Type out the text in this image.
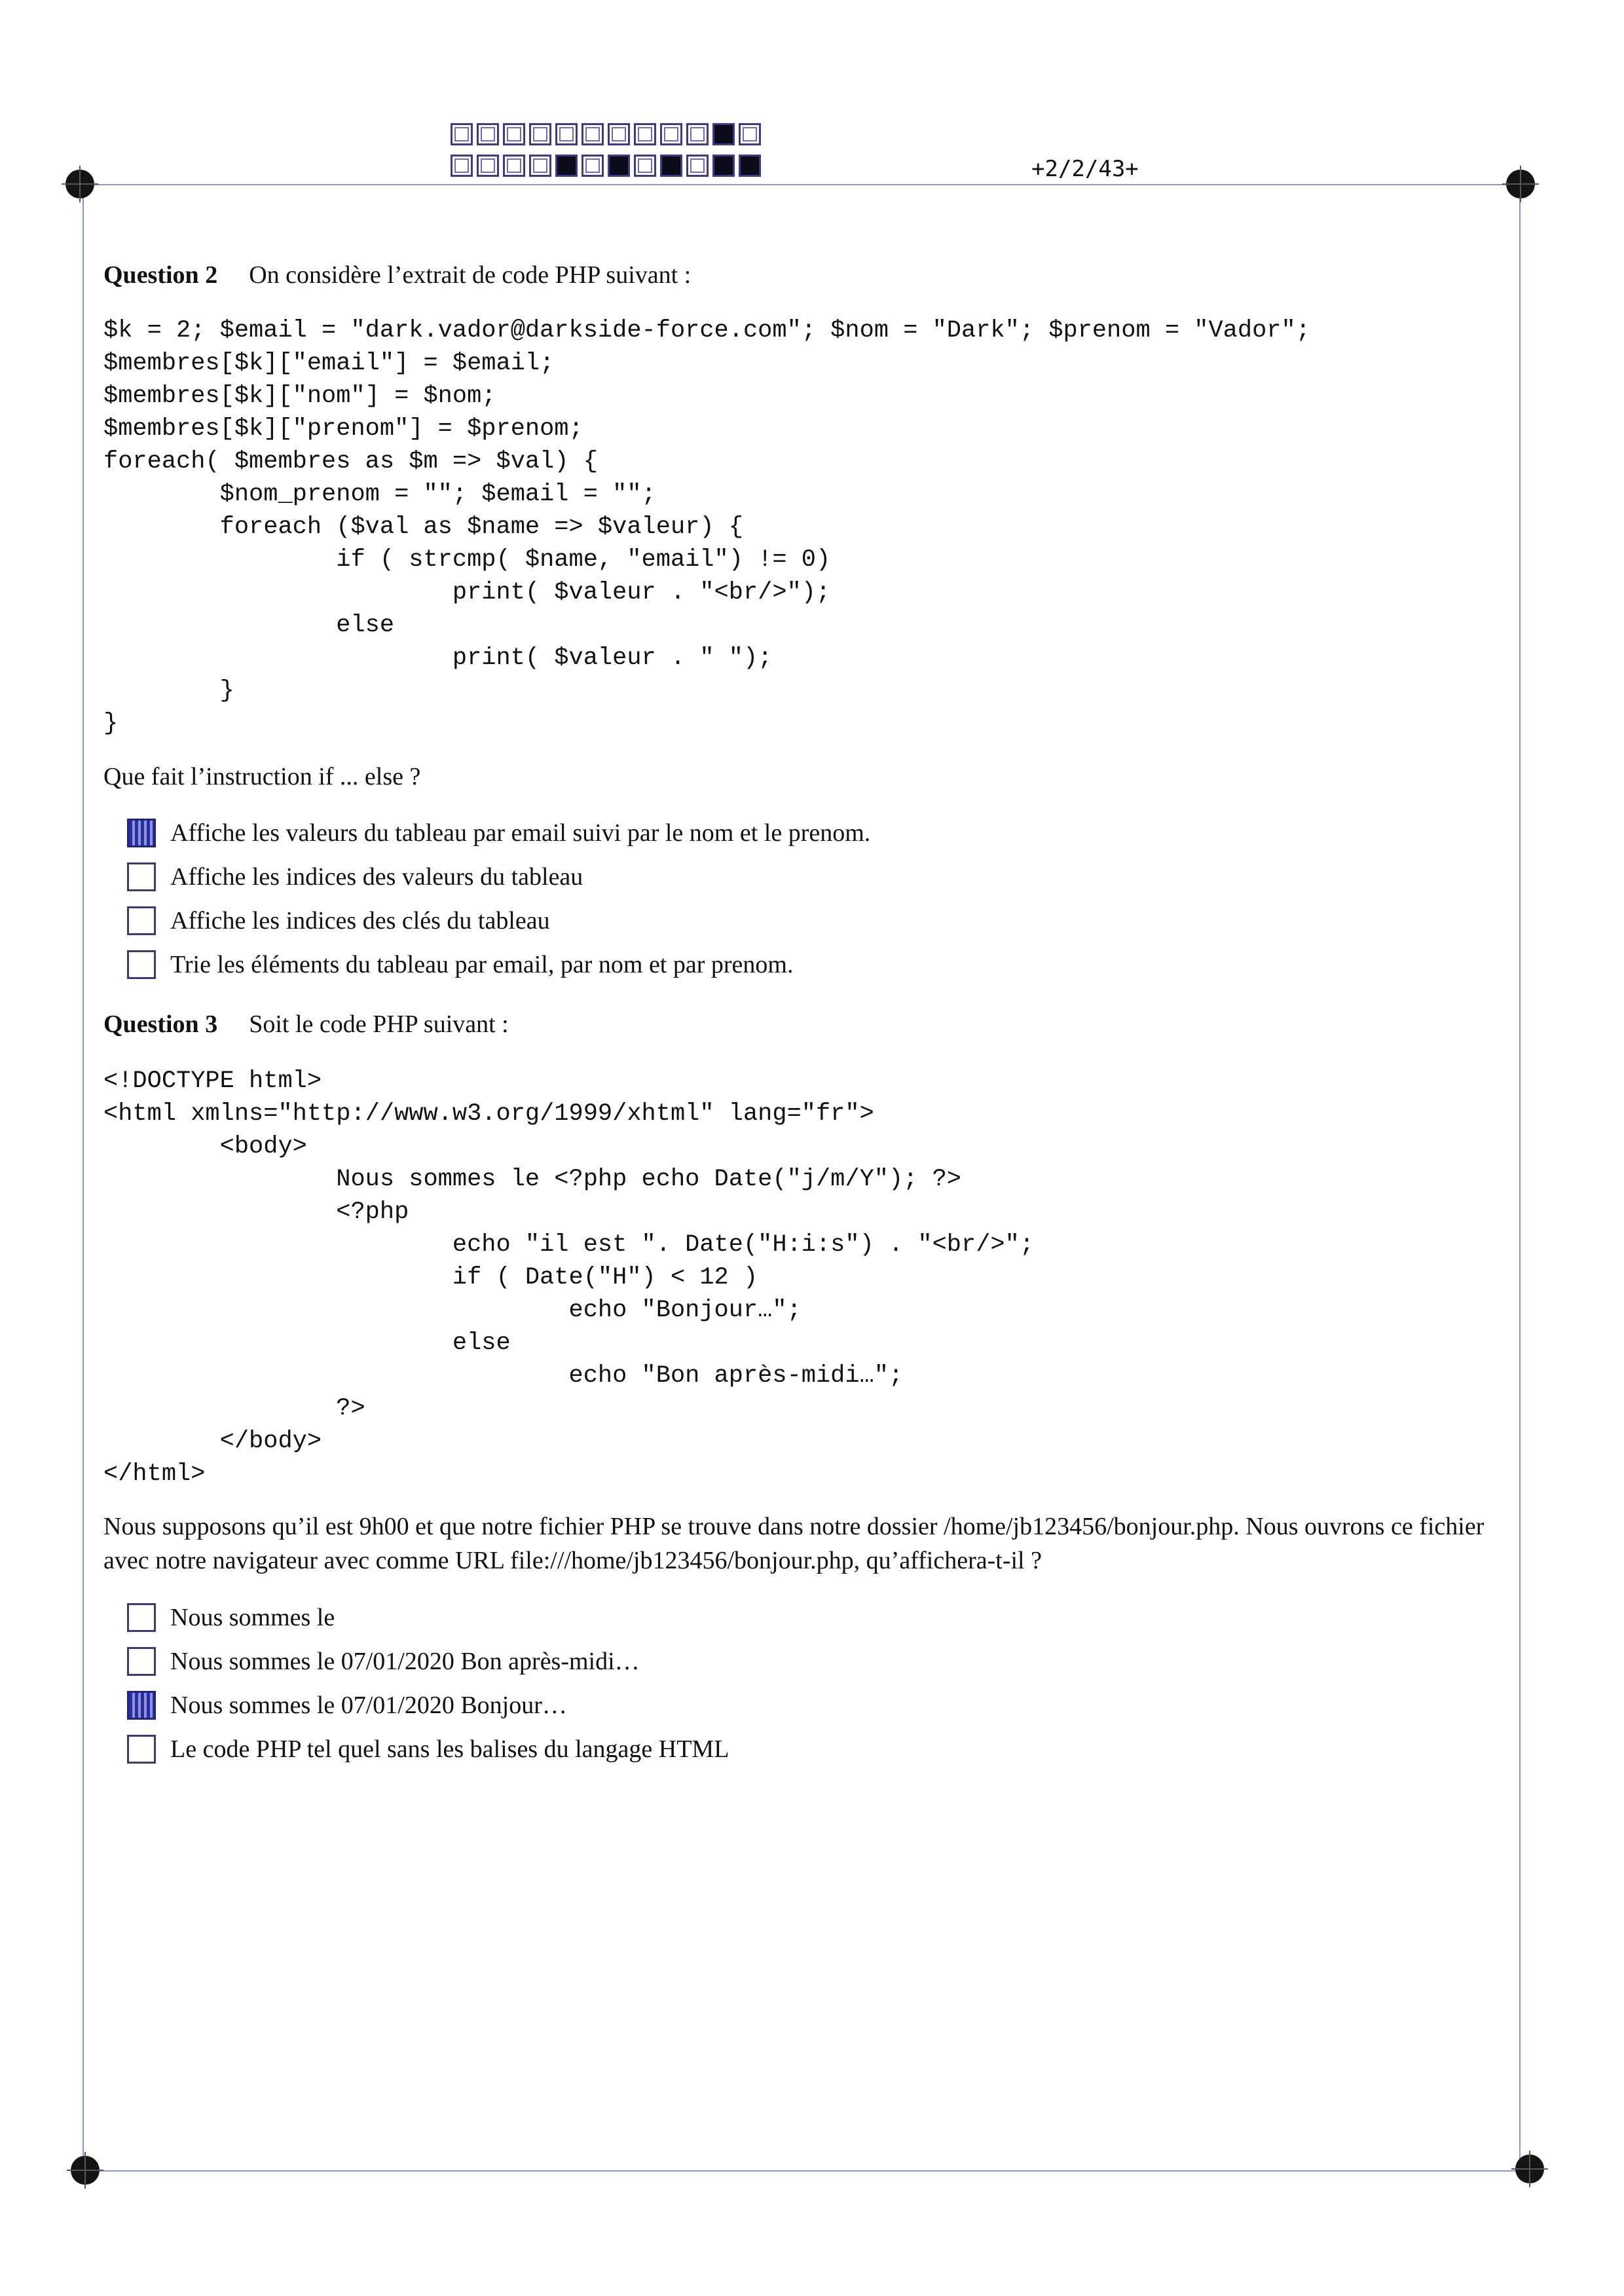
+2/2/43+
Question 2 On considère l’extrait de code PHP suivant :
$k = 2; $email = "dark.vador@darkside-force.com"; $nom = "Dark"; $prenom = "Vador";
$membres[$k]["email"] = $email;
$membres[$k]["nom"] = $nom;
$membres[$k]["prenom"] = $prenom;
foreach( $membres as $m => $val) {
$nom_prenom = ""; $email = "";
foreach ($val as $name => $valeur) {
if ( strcmp( $name, "email") != 0)
print( $valeur . "<br/>");
else
print( $valeur . " ");
}
}
Que fait l’instruction if ... else ?
Affiche les valeurs du tableau par email suivi par le nom et le prenom.
Affiche les indices des valeurs du tableau
Affiche les indices des clés du tableau
Trie les éléments du tableau par email, par nom et par prenom.
Question 3 Soit le code PHP suivant :
<!DOCTYPE html>
<html xmlns="http://www.w3.org/1999/xhtml" lang="fr">
<body>
Nous sommes le <?php echo Date("j/m/Y"); ?>
<?php
echo "il est ". Date("H:i:s") . "<br/>";
if ( Date("H") < 12 )
echo "Bonjour…";
else
echo "Bon après-midi…";
?>
</body>
</html>
Nous supposons qu’il est 9h00 et que notre fichier PHP se trouve dans notre dossier /home/jb123456/bonjour.php. Nous ouvrons ce fichier avec notre navigateur avec comme URL file:///home/jb123456/bonjour.php, qu’affichera-t-il ?
Nous sommes le
Nous sommes le 07/01/2020 Bon après-midi…
Nous sommes le 07/01/2020 Bonjour…
Le code PHP tel quel sans les balises du langage HTML
